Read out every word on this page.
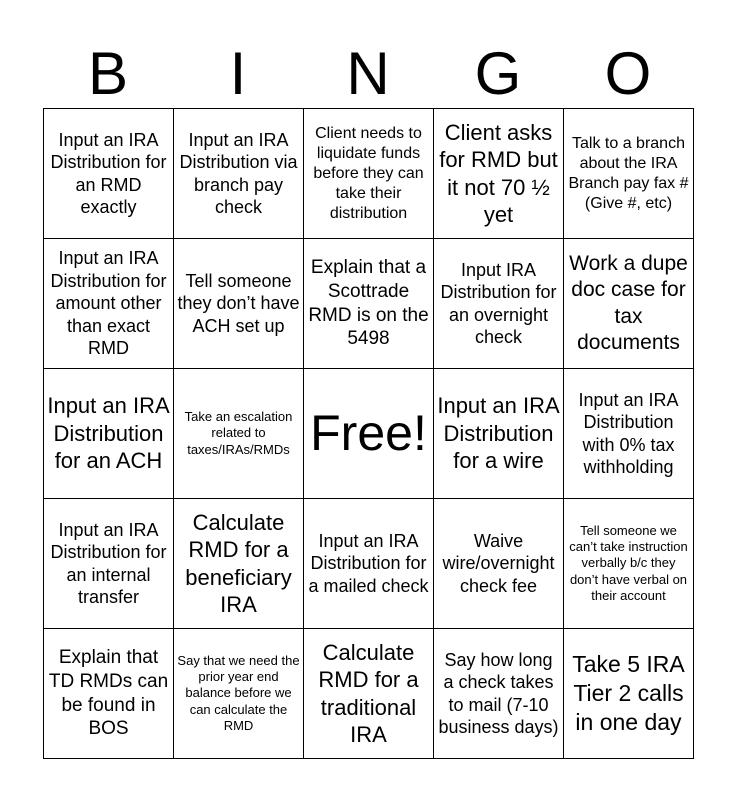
B	I	N	G	O
Input an IRA Distribution for an RMD exactly	Input an IRA Distribution via branch pay check	Client needs to liquidate funds before they can take their distribution	Client asks for RMD but it not 70 ½ yet	Talk to a branch about the IRA Branch pay fax # (Give #, etc)
Input an IRA Distribution for amount other than exact RMD	Tell someone they don’t have ACH set up	Explain that a Scottrade RMD is on the 5498	Input IRA Distribution for an overnight check	Work a dupe doc case for tax documents
Input an IRA Distribution for an ACH	Take an escalation related to taxes/IRAs/RMDs	Free!	Input an IRA Distribution for a wire	Input an IRA Distribution with 0% tax withholding
Input an IRA Distribution for an internal transfer	Calculate RMD for a beneficiary IRA	Input an IRA Distribution for a mailed check	Waive wire/overnight check fee	Tell someone we can’t take instruction verbally b/c they don’t have verbal on their account
Explain that TD RMDs can be found in BOS	Say that we need the prior year end balance before we can calculate the RMD	Calculate RMD for a traditional IRA	Say how long a check takes to mail (7-10 business days)	Take 5 IRA Tier 2 calls in one day
